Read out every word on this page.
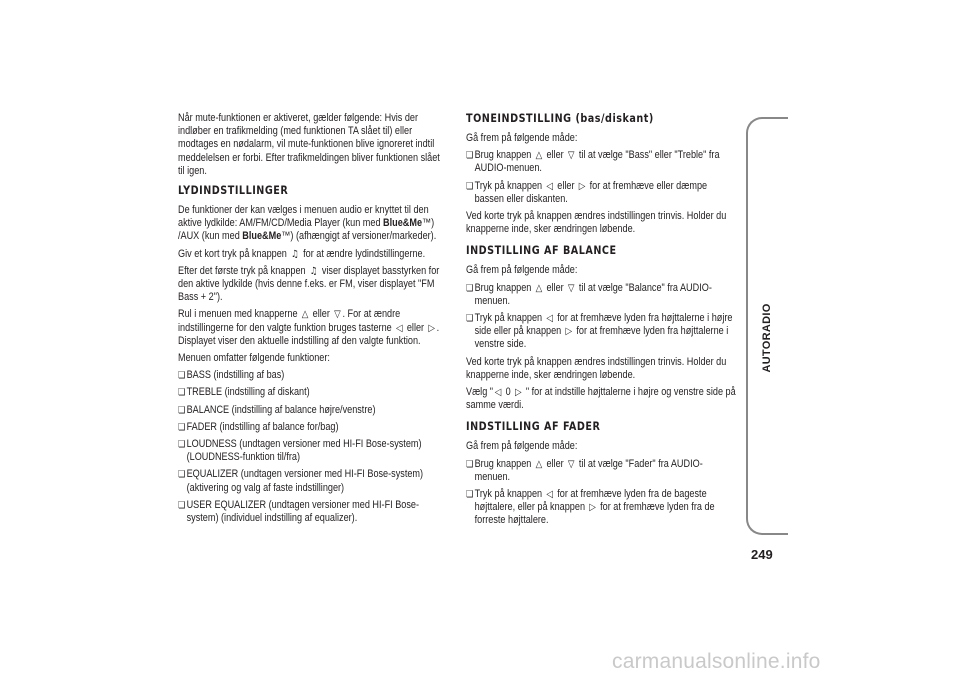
Når mute-funktionen er aktiveret, gælder følgende: Hvis der indløber en trafikmelding (med funktionen TA slået til) eller modtages en nødalarm, vil mute-funktionen blive ignoreret indtil meddelelsen er forbi. Efter trafikmeldingen bliver funktionen slået til igen.

LYDINDSTILLINGER

De funktioner der kan vælges i menuen audio er knyttet til den aktive lydkilde: AM/FM/CD/Media Player (kun med Blue&Me™) /AUX (kun med Blue&Me™) (afhængigt af versioner/markeder).

Giv et kort tryk på knappen ♫ for at ændre lydindstillingerne.

Efter det første tryk på knappen ♫ viser displayet basstyrken for den aktive lydkilde (hvis denne f.eks. er FM, viser displayet "FM Bass + 2").

Rul i menuen med knapperne △ eller ▽ . For at ændre indstillingerne for den valgte funktion bruges tasterne ◁ eller ▷ . Displayet viser den aktuelle indstilling af den valgte funktion.

Menuen omfatter følgende funktioner:

❏ BASS (indstilling af bas)
❏ TREBLE (indstilling af diskant)
❏ BALANCE (indstilling af balance højre/venstre)
❏ FADER (indstilling af balance for/bag)
❏ LOUDNESS (undtagen versioner med HI-FI Bose-system) (LOUDNESS-funktion til/fra)
❏ EQUALIZER (undtagen versioner med HI-FI Bose-system) (aktivering og valg af faste indstillinger)
❏ USER EQUALIZER (undtagen versioner med HI-FI Bose-system) (individuel indstilling af equalizer).
TONEINDSTILLING (bas/diskant)

Gå frem på følgende måde:

❏ Brug knappen △ eller ▽ til at vælge "Bass" eller "Treble" fra AUDIO-menuen.
❏ Tryk på knappen ◁ eller ▷ for at fremhæve eller dæmpe bassen eller diskanten.

Ved korte tryk på knappen ændres indstillingen trinvis. Holder du knapperne inde, sker ændringen løbende.

INDSTILLING AF BALANCE

Gå frem på følgende måde:

❏ Brug knappen △ eller ▽ til at vælge "Balance" fra AUDIO-menuen.
❏ Tryk på knappen ◁ for at fremhæve lyden fra højttalerne i højre side eller på knappen ▷ for at fremhæve lyden fra højttalerne i venstre side.

Ved korte tryk på knappen ændres indstillingen trinvis. Holder du knapperne inde, sker ændringen løbende.

Vælg " ◁ 0 ▷ " for at indstille højttalerne i højre og venstre side på samme værdi.

INDSTILLING AF FADER

Gå frem på følgende måde:

❏ Brug knappen △ eller ▽ til at vælge "Fader" fra AUDIO-menuen.
❏ Tryk på knappen ◁ for at fremhæve lyden fra de bageste højttalere, eller på knappen ▷ for at fremhæve lyden fra de forreste højttalere.
AUTORADIO
249
carmanualsonline.info
